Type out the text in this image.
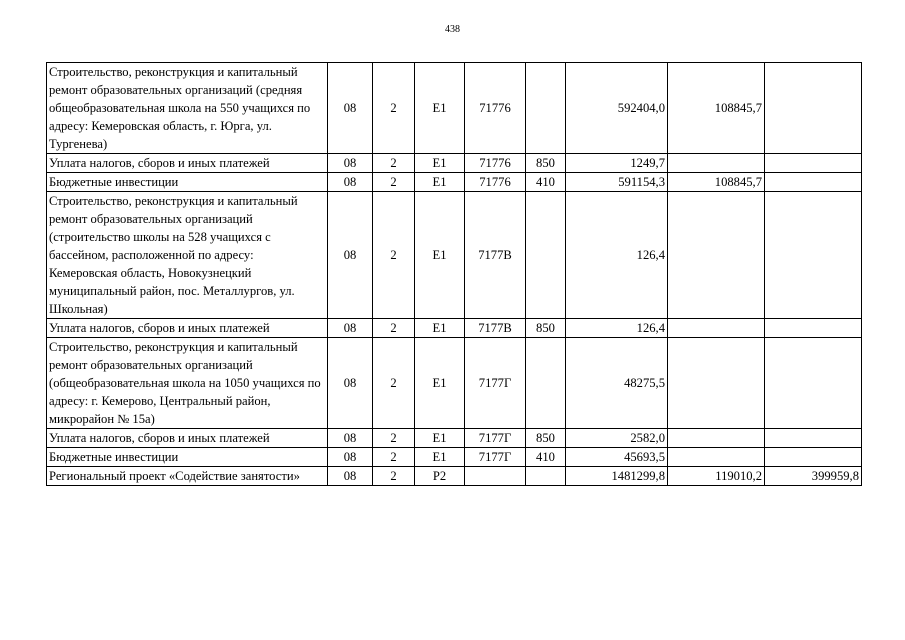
438
Строительство, реконструкция и капитальный ремонт образовательных организаций (средняя общеобразовательная школа на 550 учащихся по адресу: Кемеровская область, г. Юрга, ул. Тургенева)	08	2	E1	71776		592404,0	108845,7	
Уплата налогов, сборов и иных платежей	08	2	E1	71776	850	1249,7		
Бюджетные инвестиции	08	2	E1	71776	410	591154,3	108845,7	
Строительство, реконструкция и капитальный ремонт образовательных организаций (строительство школы на 528 учащихся с бассейном, расположенной по адресу: Кемеровская область, Новокузнецкий муниципальный район, пос. Металлургов, ул. Школьная)	08	2	E1	7177В		126,4		
Уплата налогов, сборов и иных платежей	08	2	E1	7177В	850	126,4		
Строительство, реконструкция и капитальный ремонт образовательных организаций (общеобразовательная школа на 1050 учащихся по адресу: г. Кемерово, Центральный район, микрорайон № 15а)	08	2	E1	7177Г		48275,5		
Уплата налогов, сборов и иных платежей	08	2	E1	7177Г	850	2582,0		
Бюджетные инвестиции	08	2	E1	7177Г	410	45693,5		
Региональный проект «Содействие занятости»	08	2	P2			1481299,8	119010,2	399959,8
